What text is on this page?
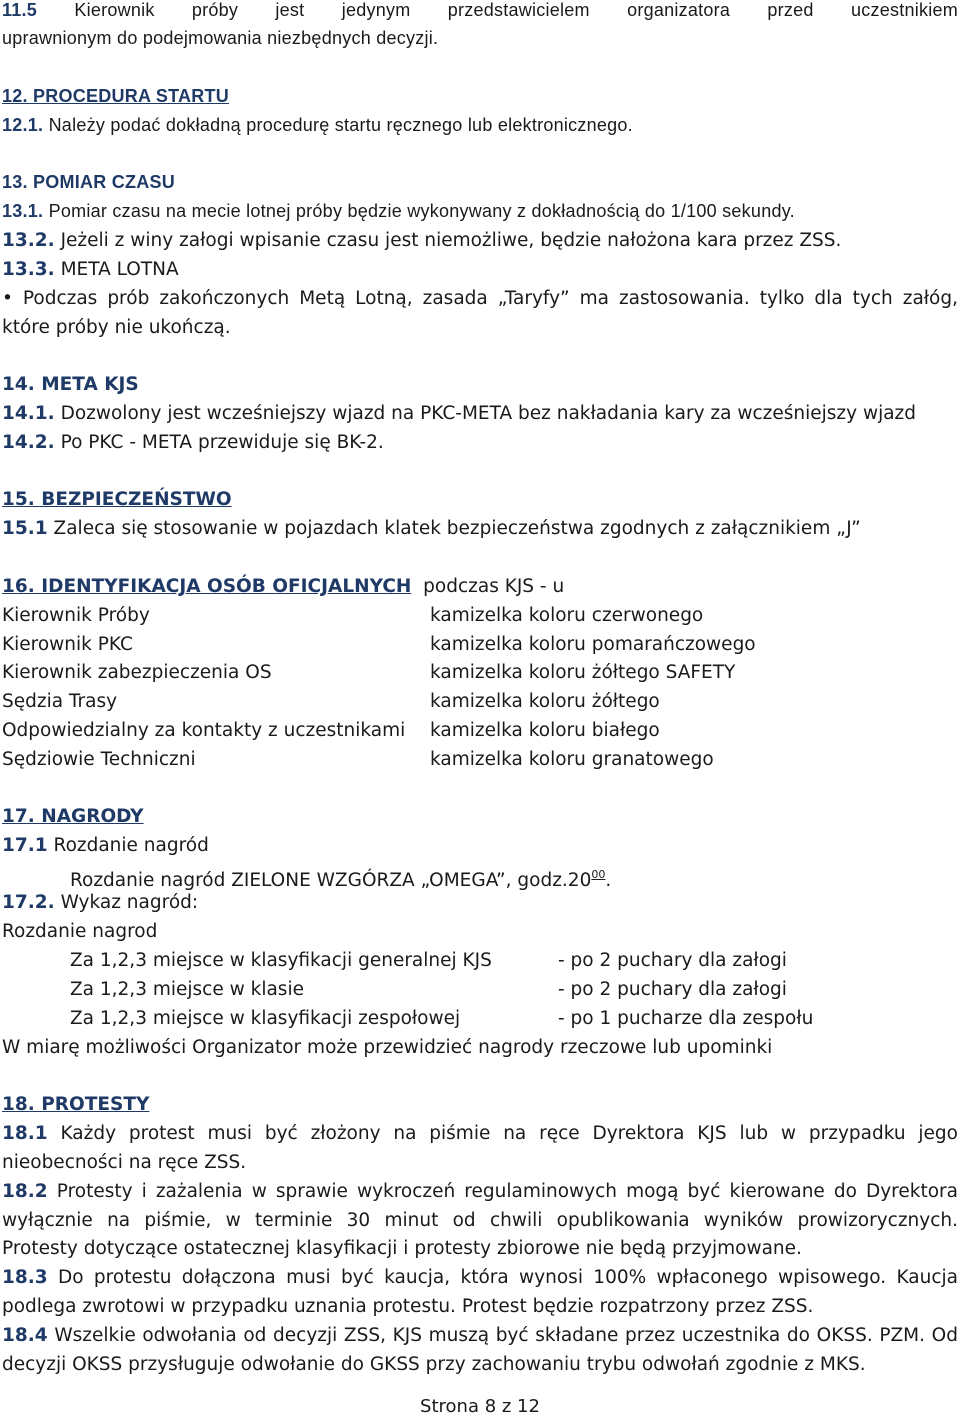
11.5 Kierownik próby jest jedynym przedstawicielem organizatora przed uczestnikiem
uprawnionym do podejmowania niezbędnych decyzji.
12. PROCEDURA STARTU
12.1. Należy podać dokładną procedurę startu ręcznego lub elektronicznego.
13. POMIAR CZASU
13.1. Pomiar czasu na mecie lotnej próby będzie wykonywany z dokładnością do 1/100 sekundy.
13.2. Jeżeli z winy załogi wpisanie czasu jest niemożliwe, będzie nałożona kara przez ZSS.
13.3. META LOTNA
• Podczas prób zakończonych Metą Lotną, zasada „Taryfy” ma zastosowania. tylko dla tych załóg,
które próby nie ukończą.
14. META KJS
14.1. Dozwolony jest wcześniejszy wjazd na PKC-META bez nakładania kary za wcześniejszy wjazd
14.2. Po PKC - META przewiduje się BK-2.
15. BEZPIECZEŃSTWO
15.1 Zaleca się stosowanie w pojazdach klatek bezpieczeństwa zgodnych z załącznikiem „J”
16. IDENTYFIKACJA OSÓB OFICJALNYCH podczas KJS - u
Kierownik Próby	kamizelka koloru czerwonego
Kierownik PKC	kamizelka koloru pomarańczowego
Kierownik zabezpieczenia OS	kamizelka koloru żółtego SAFETY
Sędzia Trasy	kamizelka koloru żółtego
Odpowiedzialny za kontakty z uczestnikami kamizelka koloru białego
Sędziowie Techniczni	kamizelka koloru granatowego
17. NAGRODY
17.1 Rozdanie nagród
Rozdanie nagród ZIELONE WZGÓRZA „OMEGA”, $godz.20^{00}$.
17.2. Wykaz nagród:
Rozdanie nagrod
Za 1,2,3 miejsce w klasyfikacji generalnej KJS	- po 2 puchary dla załogi
Za 1,2,3 miejsce w klasie	- po 2 puchary dla załogi
Za 1,2,3 miejsce w klasyfikacji zespołowej	- po 1 pucharze dla zespołu
W miarę możliwości Organizator może przewidzieć nagrody rzeczowe lub upominki
18. PROTESTY
18.1 Każdy protest musi być złożony na piśmie na ręce Dyrektora KJS lub w przypadku jego
nieobecności na ręce ZSS.
18.2 Protesty i zażalenia w sprawie wykroczeń regulaminowych mogą być kierowane do Dyrektora
wyłącznie na piśmie, w terminie 30 minut od chwili opublikowania wyników prowizorycznych.
Protesty dotyczące ostatecznej klasyfikacji i protesty zbiorowe nie będą przyjmowane.
18.3 Do protestu dołączona musi być kaucja, która wynosi 100% wpłaconego wpisowego. Kaucja
podlega zwrotowi w przypadku uznania protestu. Protest będzie rozpatrzony przez ZSS.
18.4 Wszelkie odwołania od decyzji ZSS, KJS muszą być składane przez uczestnika do OKSS. PZM. Od
decyzji OKSS przysługuje odwołanie do GKSS przy zachowaniu trybu odwołań zgodnie z MKS.
Strona 8 z 12
